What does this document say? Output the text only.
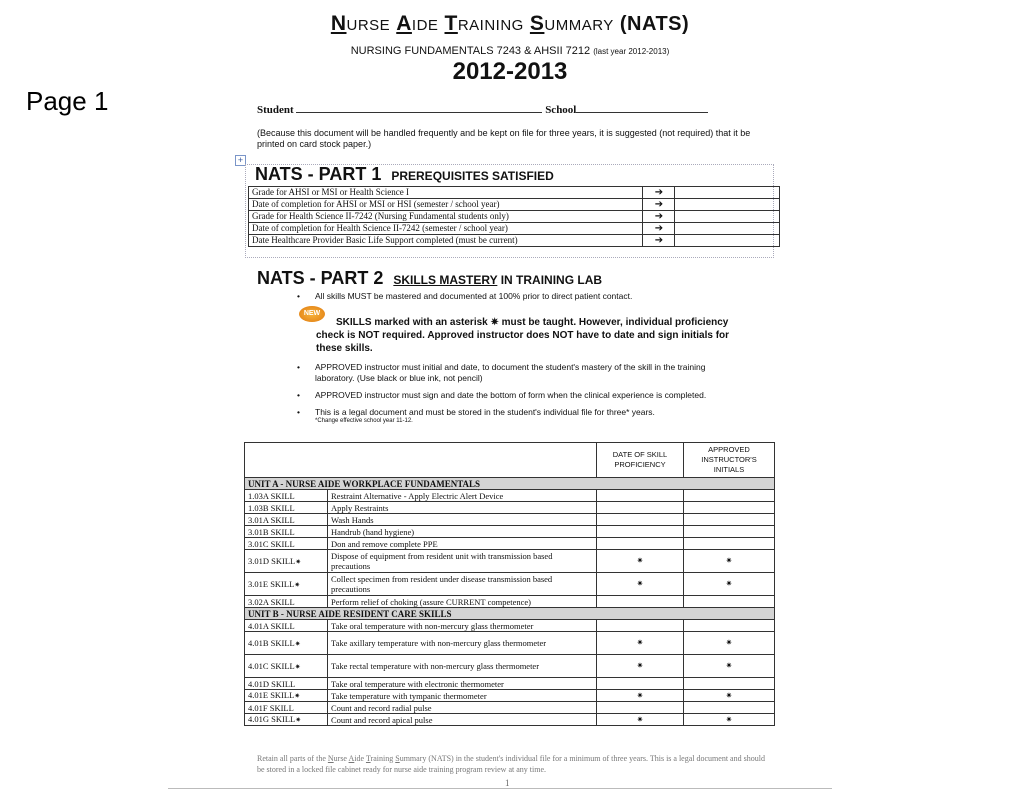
Page 1
NURSE AIDE TRAINING SUMMARY (NATS)
NURSING FUNDAMENTALS 7243 & AHSII 7212 (last year 2012-2013)
2012-2013
Student	School
(Because this document will be handled frequently and be kept on file for three years, it is suggested (not required) that it be printed on card stock paper.)
+
NATS - PART 1 PREREQUISITES SATISFIED
Grade for AHSI or MSI or Health Science I	➔	
Date of completion for AHSI or MSI or HSI (semester / school year)	➔	
Grade for Health Science II-7242 (Nursing Fundamental students only)	➔	
Date of completion for Health Science II-7242 (semester / school year)	➔	
Date Healthcare Provider Basic Life Support completed (must be current)	➔	
NATS - PART 2 SKILLS MASTERY IN TRAINING LAB
• All skills MUST be mastered and documented at 100% prior to direct patient contact.
• APPROVED instructor must initial and date, to document the student's mastery of the skill in the training laboratory. (Use black or blue ink, not pencil)
• APPROVED instructor must sign and date the bottom of form when the clinical experience is completed.
• This is a legal document and must be stored in the student's individual file for three* years.
*Change effective school year 11-12.
NEW
SKILLS marked with an asterisk ✷ must be taught. However, individual proficiency check is NOT required. Approved instructor does NOT have to date and sign initials for these skills.
		DATE OF SKILL PROFICIENCY	APPROVED INSTRUCTOR'S INITIALS
UNIT A - NURSE AIDE WORKPLACE FUNDAMENTALS			
1.03A SKILL	Restraint Alternative - Apply Electric Alert Device		
1.03B SKILL	Apply Restraints		
3.01A SKILL	Wash Hands		
3.01B SKILL	Handrub (hand hygiene)		
3.01C SKILL	Don and remove complete PPE		
3.01D SKILL✷	Dispose of equipment from resident unit with transmission based precautions	✷	✷
3.01E SKILL✷	Collect specimen from resident under disease transmission based precautions	✷	✷
3.02A SKILL	Perform relief of choking (assure CURRENT competence)		
UNIT B - NURSE AIDE RESIDENT CARE SKILLS			
4.01A SKILL	Take oral temperature with non-mercury glass thermometer		
4.01B SKILL✷	Take axillary temperature with non-mercury glass thermometer	✷	✷
4.01C SKILL✷	Take rectal temperature with non-mercury glass thermometer	✷	✷
4.01D SKILL	Take oral temperature with electronic thermometer		
4.01E SKILL✷	Take temperature with tympanic thermometer	✷	✷
4.01F SKILL	Count and record radial pulse		
4.01G SKILL✷	Count and record apical pulse	✷	✷
Retain all parts of the Nurse Aide Training Summary (NATS) in the student's individual file for a minimum of three years. This is a legal document and should be stored in a locked file cabinet ready for nurse aide training program review at any time.
1
